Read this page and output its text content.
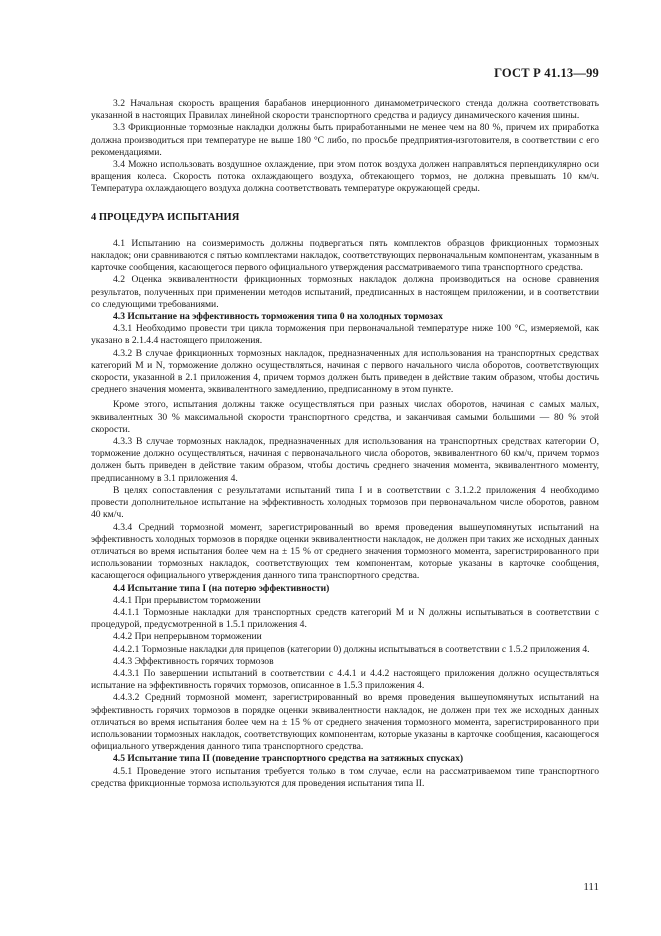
ГОСТ Р 41.13—99

3.2 Начальная скорость вращения барабанов инерционного динамометрического стенда должна соответствовать указанной в настоящих Правилах линейной скорости транспортного средства и радиусу динамического качения шины.

3.3 Фрикционные тормозные накладки должны быть приработанными не менее чем на 80 %, причем их приработка должна производиться при температуре не выше 180 °С либо, по просьбе предприятия-изготовителя, в соответствии с его рекомендациями.

3.4 Можно использовать воздушное охлаждение, при этом поток воздуха должен направляться перпендикулярно оси вращения колеса. Скорость потока охлаждающего воздуха, обтекающего тормоз, не должна превышать 10 км/ч. Температура охлаждающего воздуха должна соответствовать температуре окружающей среды.

4 ПРОЦЕДУРА ИСПЫТАНИЯ

4.1 Испытанию на соизмеримость должны подвергаться пять комплектов образцов фрикционных тормозных накладок; они сравниваются с пятью комплектами накладок, соответствующих первоначальным компонентам, указанным в карточке сообщения, касающегося первого официального утверждения рассматриваемого типа транспортного средства.

4.2 Оценка эквивалентности фрикционных тормозных накладок должна производиться на основе сравнения результатов, полученных при применении методов испытаний, предписанных в настоящем приложении, и в соответствии со следующими требованиями.

4.3 Испытание на эффективность торможения типа 0 на холодных тормозах

4.3.1 Необходимо провести три цикла торможения при первоначальной температуре ниже 100 °С, измеряемой, как указано в 2.1.4.4 настоящего приложения.

4.3.2 В случае фрикционных тормозных накладок, предназначенных для использования на транспортных средствах категорий М и N, торможение должно осуществляться, начиная с первого начального числа оборотов, соответствующих скорости, указанной в 2.1 приложения 4, причем тормоз должен быть приведен в действие таким образом, чтобы достичь среднего значения момента, эквивалентного замедлению, предписанному в этом пункте.

Кроме этого, испытания должны также осуществляться при разных числах оборотов, начиная с самых малых, эквивалентных 30 % максимальной скорости транспортного средства, и заканчивая самыми большими — 80 % этой скорости.

4.3.3 В случае тормозных накладок, предназначенных для использования на транспортных средствах категории О, торможение должно осуществляться, начиная с первоначального числа оборотов, эквивалентного 60 км/ч, причем тормоз должен быть приведен в действие таким образом, чтобы достичь среднего значения момента, эквивалентного моменту, предписанному в 3.1 приложения 4.

В целях сопоставления с результатами испытаний типа I и в соответствии с 3.1.2.2 приложения 4 необходимо провести дополнительное испытание на эффективность холодных тормозов при первоначальном числе оборотов, равном 40 км/ч.

4.3.4 Средний тормозной момент, зарегистрированный во время проведения вышеупомянутых испытаний на эффективность холодных тормозов в порядке оценки эквивалентности накладок, не должен при таких же исходных данных отличаться во время испытания более чем на ± 15 % от среднего значения тормозного момента, зарегистрированного при использовании тормозных накладок, соответствующих тем компонентам, которые указаны в карточке сообщения, касающегося официального утверждения данного типа транспортного средства.

4.4 Испытание типа I (на потерю эффективности)

4.4.1 При прерывистом торможении

4.4.1.1 Тормозные накладки для транспортных средств категорий М и N должны испытываться в соответствии с процедурой, предусмотренной в 1.5.1 приложения 4.

4.4.2 При непрерывном торможении

4.4.2.1 Тормозные накладки для прицепов (категории 0) должны испытываться в соответствии с 1.5.2 приложения 4.

4.4.3 Эффективность горячих тормозов

4.4.3.1 По завершении испытаний в соответствии с 4.4.1 и 4.4.2 настоящего приложения должно осуществляться испытание на эффективность горячих тормозов, описанное в 1.5.3 приложения 4.

4.4.3.2 Средний тормозной момент, зарегистрированный во время проведения вышеупомянутых испытаний на эффективность горячих тормозов в порядке оценки эквивалентности накладок, не должен при тех же исходных данных отличаться во время испытания более чем на ± 15 % от среднего значения тормозного момента, зарегистрированного при использовании тормозных накладок, соответствующих компонентам, которые указаны в карточке сообщения, касающегося официального утверждения данного типа транспортного средства.

4.5 Испытание типа II (поведение транспортного средства на затяжных спусках)

4.5.1 Проведение этого испытания требуется только в том случае, если на рассматриваемом типе транспортного средства фрикционные тормоза используются для проведения испытания типа II.

111
